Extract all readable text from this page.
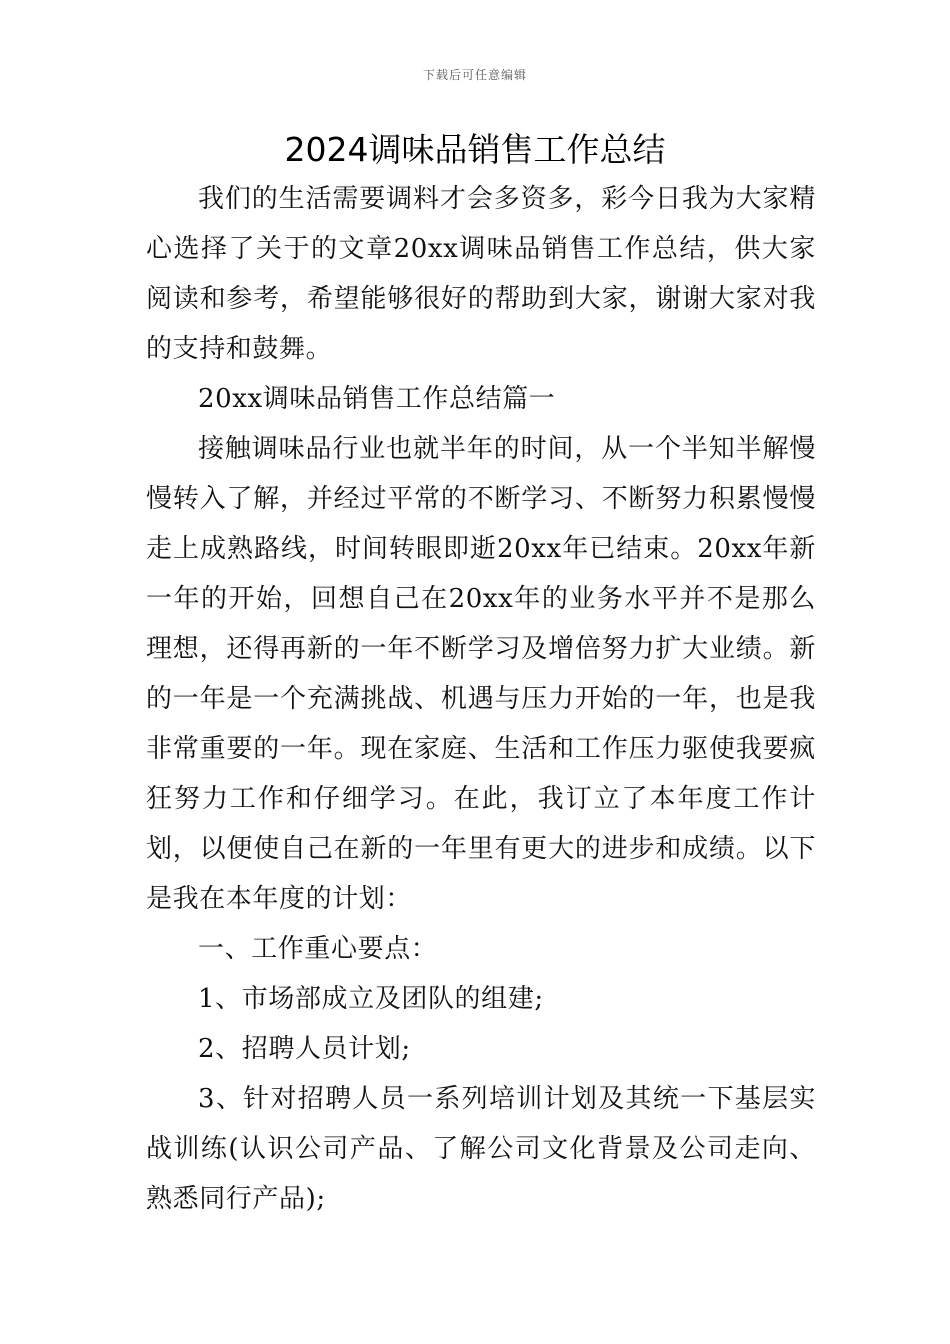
下载后可任意编辑
2024调味品销售工作总结

我们的生活需要调料才会多资多，彩今日我为大家精心选择了关于的文章20xx调味品销售工作总结，供大家阅读和参考，希望能够很好的帮助到大家，谢谢大家对我的支持和鼓舞。

20xx调味品销售工作总结篇一

接触调味品行业也就半年的时间，从一个半知半解慢慢转入了解，并经过平常的不断学习、不断努力积累慢慢走上成熟路线，时间转眼即逝20xx年已结束。20xx年新一年的开始，回想自己在20xx年的业务水平并不是那么理想，还得再新的一年不断学习及增倍努力扩大业绩。新的一年是一个充满挑战、机遇与压力开始的一年，也是我非常重要的一年。现在家庭、生活和工作压力驱使我要疯狂努力工作和仔细学习。在此，我订立了本年度工作计划，以便使自己在新的一年里有更大的进步和成绩。以下是我在本年度的计划：

一、工作重心要点：

1、市场部成立及团队的组建;

2、招聘人员计划;

3、针对招聘人员一系列培训计划及其统一下基层实战训练(认识公司产品、了解公司文化背景及公司走向、熟悉同行产品);
